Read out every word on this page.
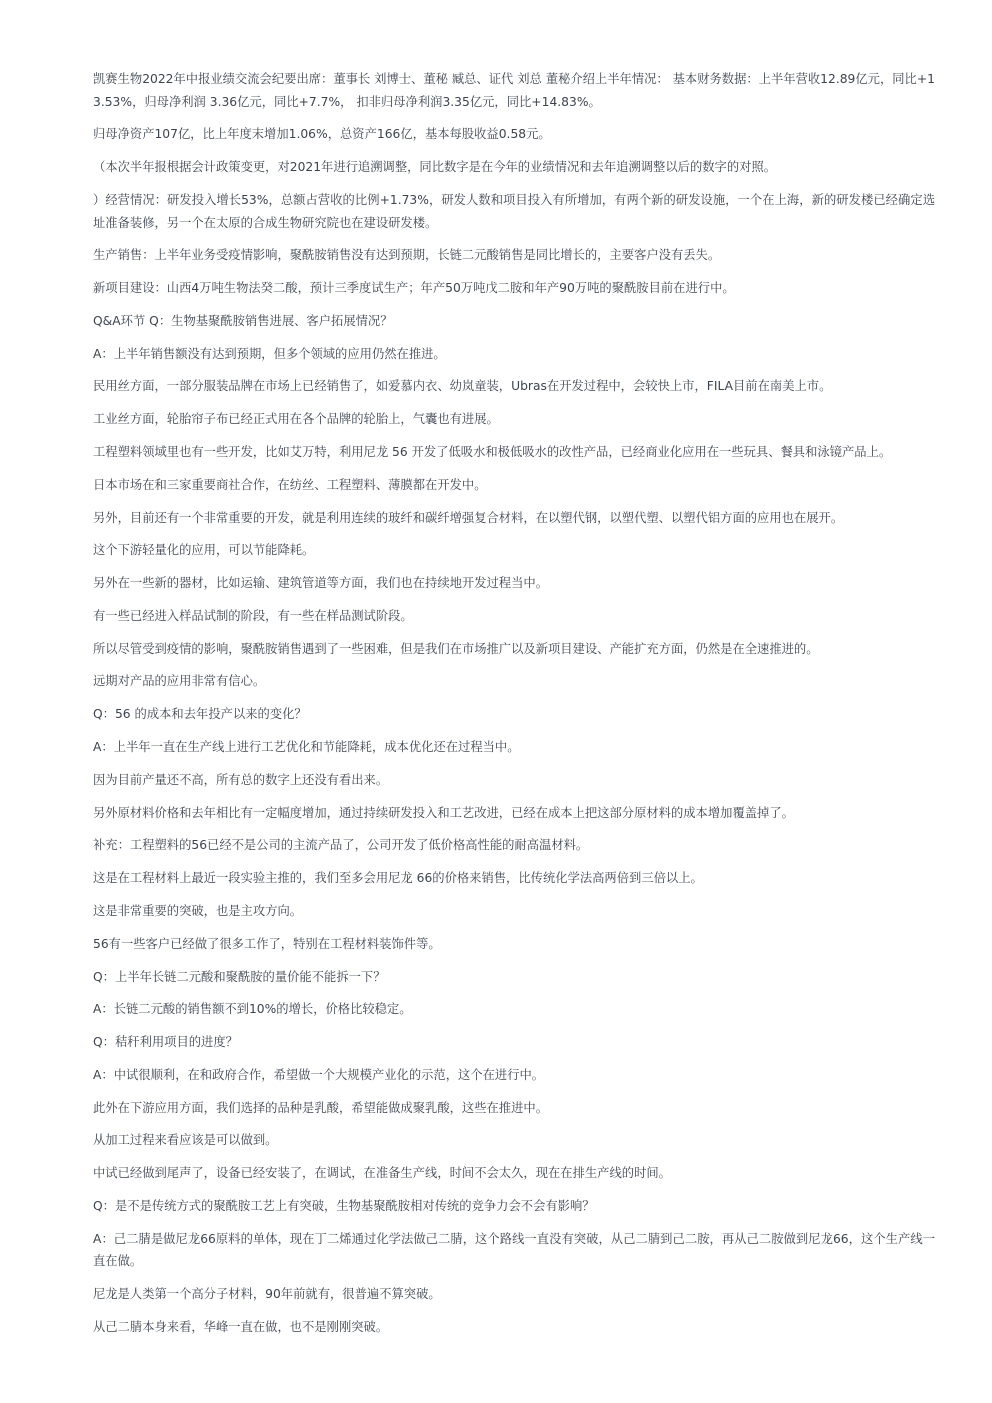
凯赛生物2022年中报业绩交流会纪要出席：董事长 刘博士、董秘 臧总、证代 刘总 董秘介绍上半年情况： 基本财务数据：上半年营收12.89亿元，同比+13.53%，归母净利润 3.36亿元，同比+7.7%， 扣非归母净利润3.35亿元，同比+14.83%。

归母净资产107亿，比上年度末增加1.06%，总资产166亿，基本每股收益0.58元。

（本次半年报根据会计政策变更，对2021年进行追溯调整，同比数字是在今年的业绩情况和去年追溯调整以后的数字的对照。

）经营情况：研发投入增长53%，总额占营收的比例+1.73%，研发人数和项目投入有所增加，有两个新的研发设施，一个在上海，新的研发楼已经确定选址准备装修，另一个在太原的合成生物研究院也在建设研发楼。

生产销售：上半年业务受疫情影响，聚酰胺销售没有达到预期，长链二元酸销售是同比增长的，主要客户没有丢失。

新项目建设：山西4万吨生物法癸二酸，预计三季度试生产；年产50万吨戊二胺和年产90万吨的聚酰胺目前在进行中。

Q&A环节 Q：生物基聚酰胺销售进展、客户拓展情况？

A：上半年销售额没有达到预期，但多个领域的应用仍然在推进。

民用丝方面，一部分服装品牌在市场上已经销售了，如爱慕内衣、幼岚童装，Ubras在开发过程中，会较快上市，FILA目前在南美上市。

工业丝方面，轮胎帘子布已经正式用在各个品牌的轮胎上，气囊也有进展。

工程塑料领域里也有一些开发，比如艾万特，利用尼龙 56 开发了低吸水和极低吸水的改性产品，已经商业化应用在一些玩具、餐具和泳镜产品上。

日本市场在和三家重要商社合作，在纺丝、工程塑料、薄膜都在开发中。

另外，目前还有一个非常重要的开发，就是利用连续的玻纤和碳纤增强复合材料，在以塑代钢，以塑代塑、以塑代铝方面的应用也在展开。

这个下游轻量化的应用，可以节能降耗。

另外在一些新的器材，比如运输、建筑管道等方面，我们也在持续地开发过程当中。

有一些已经进入样品试制的阶段，有一些在样品测试阶段。

所以尽管受到疫情的影响，聚酰胺销售遇到了一些困难，但是我们在市场推广以及新项目建设、产能扩充方面，仍然是在全速推进的。

远期对产品的应用非常有信心。

Q：56 的成本和去年投产以来的变化？

A：上半年一直在生产线上进行工艺优化和节能降耗，成本优化还在过程当中。

因为目前产量还不高，所有总的数字上还没有看出来。

另外原材料价格和去年相比有一定幅度增加，通过持续研发投入和工艺改进，已经在成本上把这部分原材料的成本增加覆盖掉了。

补充：工程塑料的56已经不是公司的主流产品了，公司开发了低价格高性能的耐高温材料。

这是在工程材料上最近一段实验主推的，我们至多会用尼龙 66的价格来销售，比传统化学法高两倍到三倍以上。

这是非常重要的突破，也是主攻方向。

56有一些客户已经做了很多工作了，特别在工程材料装饰件等。

Q：上半年长链二元酸和聚酰胺的量价能不能拆一下？

A：长链二元酸的销售额不到10%的增长，价格比较稳定。

Q：秸秆利用项目的进度？

A：中试很顺利，在和政府合作，希望做一个大规模产业化的示范，这个在进行中。

此外在下游应用方面，我们选择的品种是乳酸，希望能做成聚乳酸，这些在推进中。

从加工过程来看应该是可以做到。

中试已经做到尾声了，设备已经安装了，在调试，在准备生产线，时间不会太久，现在在排生产线的时间。

Q：是不是传统方式的聚酰胺工艺上有突破，生物基聚酰胺相对传统的竞争力会不会有影响？

A：己二腈是做尼龙66原料的单体，现在丁二烯通过化学法做己二腈，这个路线一直没有突破，从己二腈到己二胺，再从己二胺做到尼龙66，这个生产线一直在做。

尼龙是人类第一个高分子材料，90年前就有，很普遍不算突破。

从己二腈本身来看，华峰一直在做，也不是刚刚突破。
